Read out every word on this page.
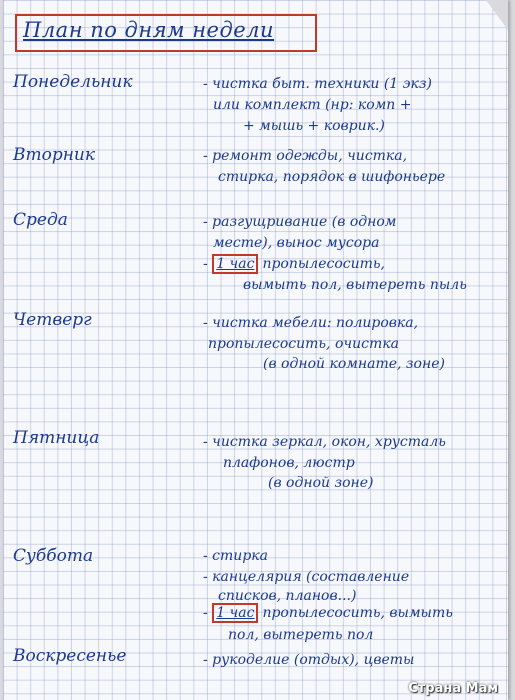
План по дням недели
Понедельник	- чистка быт. техники (1 экз)
или комплект (нр: комп +
+ мышь + коврик.)
Вторник	- ремонт одежды, чистка,
стирка, порядок в шифоньере
Среда	- разгущривание (в одном
месте), вынос мусора
- 1 час пропылесосить,
вымыть пол, вытереть пыль
Четверг	- чистка мебели: полировка,
пропылесосить, очистка
(в одной комнате, зоне)
Пятница	- чистка зеркал, окон, хрусталь
плафонов, люстр
(в одной зоне)
Суббота	- стирка
- канцелярия (составление
списков, планов...)
- 1 час пропылесосить, вымыть
пол, вытереть пол
Воскресенье	- рукоделие (отдых), цветы
Страна Мам
